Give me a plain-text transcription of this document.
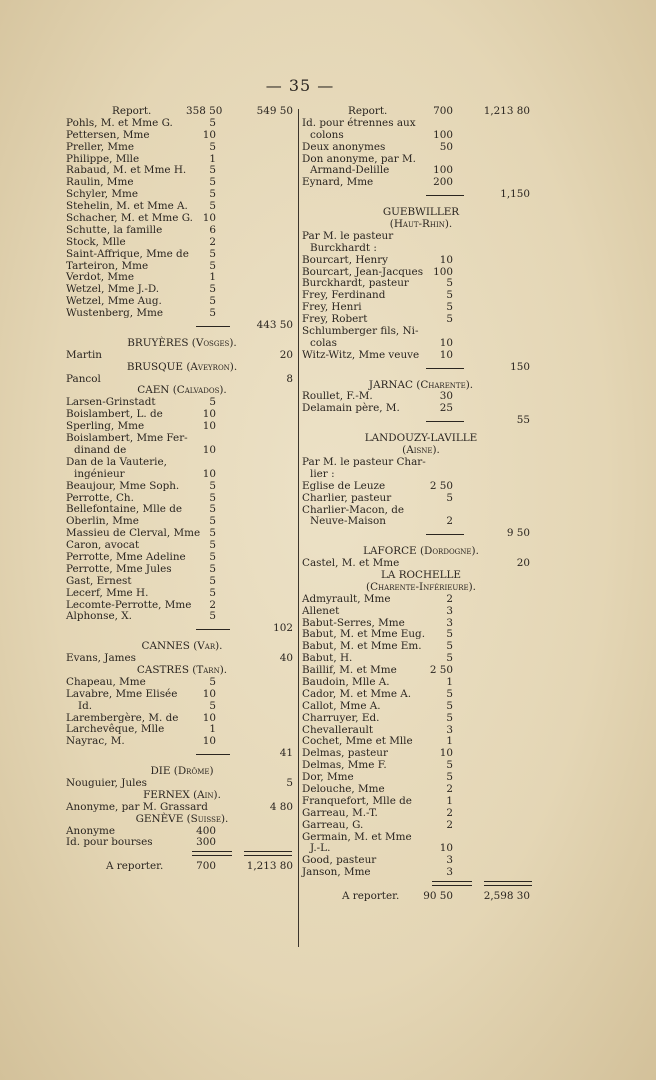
— 35 —
Report.	358 50	549 50
Pohls, M. et Mme G.	5
Pettersen, Mme	10
Preller, Mme	5
Philippe, Mlle	1
Rabaud, M. et Mme H.	5
Raulin, Mme	5
Schyler, Mme	5
Stehelin, M. et Mme A.	5
Schacher, M. et Mme G. 10
Schutte, la famille	6
Stock, Mlle	2
Saint-Affrique, Mme de	5
Tarteiron, Mme	5
Verdot, Mme	1
Wetzel, Mme J.-D.	5
Wetzel, Mme Aug.	5
Wustenberg, Mme	5
443 50
BRUYÈRES (Vosges).
Martin	20
BRUSQUE (Aveyron).
Pancol	8
CAEN (Calvados).
Larsen-Grinstadt	5
Boislambert, L. de	10
Sperling, Mme	10
Boislambert, Mme Fer-
dinand de	10
Dan de la Vauterie,
ingénieur	10
Beaujour, Mme Soph.	5
Perrotte, Ch.	5
Bellefontaine, Mlle de	5
Oberlin, Mme	5
Massieu de Clerval, Mme 5
Caron, avocat	5
Perrotte, Mme Adeline	5
Perrotte, Mme Jules	5
Gast, Ernest	5
Lecerf, Mme H.	5
Lecomte-Perrotte, Mme	2
Alphonse, X.	5
102
CANNES (Var).
Evans, James	40
CASTRES (Tarn).
Chapeau, Mme	5
Lavabre, Mme Elisée	10
Id.	5
Larembergère, M. de	10
Larchevêque, Mlle	1
Nayrac, M.	10
41
DIE (Drôme)
Nouguier, Jules	5
FERNEX (Ain).
Anonyme, par M. Grassard	4 80
GENÈVE (Suisse).
Anonyme	400
Id. pour bourses	300
A reporter.	700	1,213 80
Report.	700	1,213 80
Id. pour étrennes aux
colons	100
Deux anonymes	50
Don anonyme, par M.
Armand-Delille	100
Eynard, Mme	200
1,150
GUEBWILLER
(Haut-Rhin).
Par M. le pasteur
Burckhardt :
Bourcart, Henry	10
Bourcart, Jean-Jacques 100
Burckhardt, pasteur	5
Frey, Ferdinand	5
Frey, Henri	5
Frey, Robert	5
Schlumberger fils, Ni-
colas	10
Witz-Witz, Mme veuve	10
150
JARNAC (Charente).
Roullet, F.-M.	30
Delamain père, M.	25
55
LANDOUZY-LAVILLE
(Aisne).
Par M. le pasteur Char-
lier :
Eglise de Leuze	2 50
Charlier, pasteur	5
Charlier-Macon, de
Neuve-Maison	2
9 50
LAFORCE (Dordogne).
Castel, M. et Mme	20
LA ROCHELLE
(Charente-Inférieure).
Admyrault, Mme	2
Allenet	3
Babut-Serres, Mme	3
Babut, M. et Mme Eug.	5
Babut, M. et Mme Em.	5
Babut, H.	5
Baillif, M. et Mme	2 50
Baudoin, Mlle A.	1
Cador, M. et Mme A.	5
Callot, Mme A.	5
Charruyer, Ed.	5
Chevallerault	3
Cochet, Mme et Mlle	1
Delmas, pasteur	10
Delmas, Mme F.	5
Dor, Mme	5
Delouche, Mme	2
Franquefort, Mlle de	1
Garreau, M.-T.	2
Garreau, G.	2
Germain, M. et Mme
J.-L.	10
Good, pasteur	3
Janson, Mme	3
A reporter.	90 50	2,598 30
